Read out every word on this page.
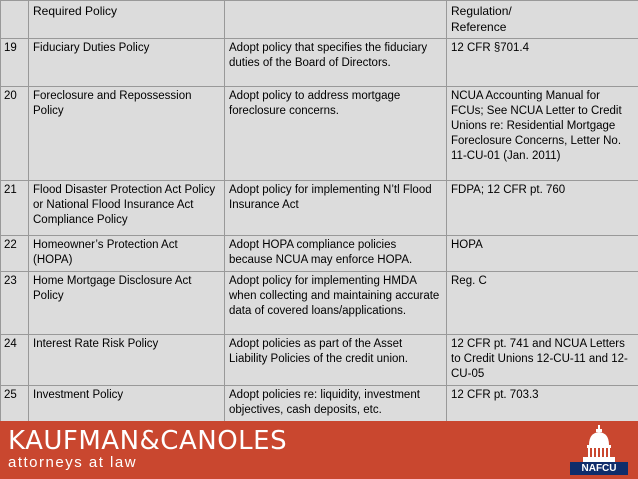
	Required Policy		Regulation/
Reference
19	Fiduciary Duties Policy	Adopt policy that specifies the fiduciary duties of the Board of Directors.	12 CFR §701.4
20	Foreclosure and Repossession Policy	Adopt policy to address mortgage foreclosure concerns.	NCUA Accounting Manual for FCUs; See NCUA Letter to Credit Unions re: Residential Mortgage Foreclosure Concerns, Letter No. 11-CU-01 (Jan. 2011)
21	Flood Disaster Protection Act Policy or National Flood Insurance Act Compliance Policy	Adopt policy for implementing N’tl Flood Insurance Act	FDPA; 12 CFR pt. 760
22	Homeowner’s Protection Act (HOPA)	Adopt HOPA compliance policies because NCUA may enforce HOPA.	HOPA
23	Home Mortgage Disclosure Act Policy	Adopt policy for implementing HMDA when collecting and maintaining accurate data of covered loans/applications.	Reg. C
24	Interest Rate Risk Policy	Adopt policies as part of the Asset Liability Policies of the credit union.	12 CFR pt. 741 and NCUA Letters to Credit Unions 12-CU-11 and 12-CU-05
25	Investment Policy	Adopt policies re: liquidity, investment objectives, cash deposits, etc.	12 CFR pt. 703.3
KAUFMAN&CANOLES
attorneys at law	NAFCU
